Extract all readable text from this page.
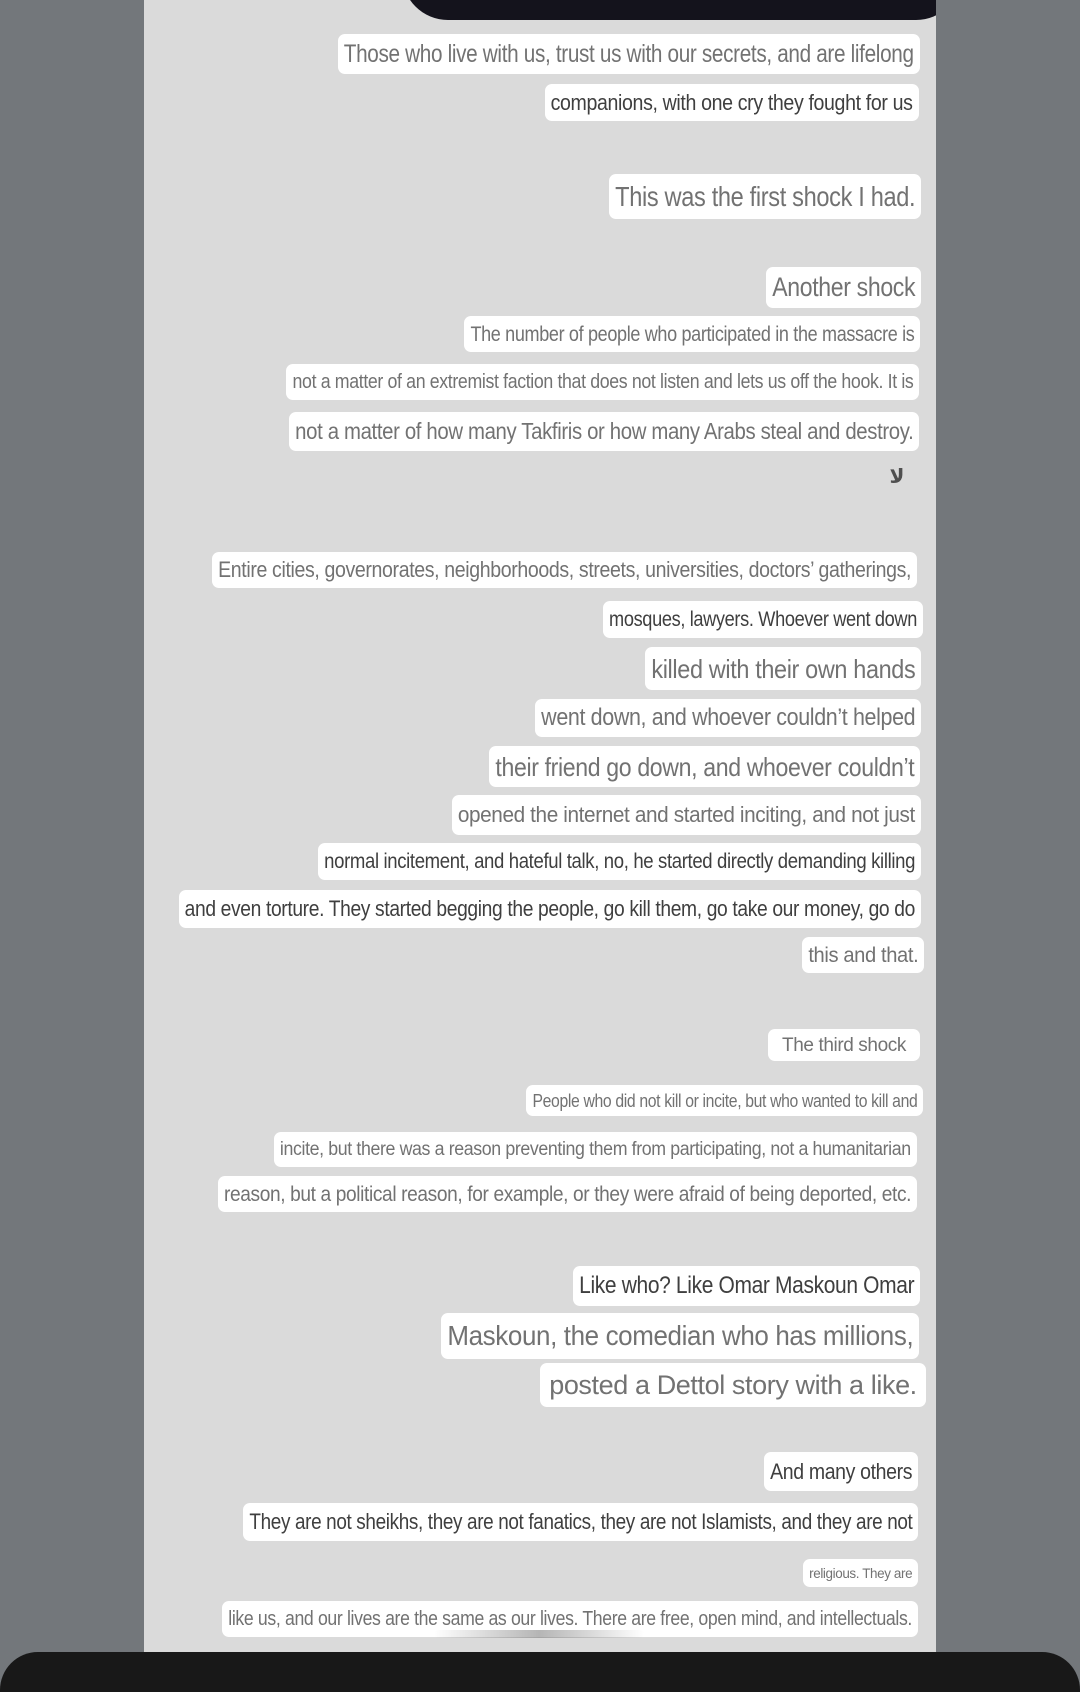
Those who live with us, trust us with our secrets, and are lifelong
companions, with one cry they fought for us
This was the first shock I had.
Another shock
The number of people who participated in the massacre is
not a matter of an extremist faction that does not listen and lets us off the hook. It is
not a matter of how many Takfiris or how many Arabs steal and destroy.
Entire cities, governorates, neighborhoods, streets, universities, doctors’ gatherings,
mosques, lawyers. Whoever went down
killed with their own hands
went down, and whoever couldn’t helped
their friend go down, and whoever couldn’t
opened the internet and started inciting, and not just
normal incitement, and hateful talk, no, he started directly demanding killing
and even torture. They started begging the people, go kill them, go take our money, go do
this and that.
The third shock
People who did not kill or incite, but who wanted to kill and
incite, but there was a reason preventing them from participating, not a humanitarian
reason, but a political reason, for example, or they were afraid of being deported, etc.
Like who? Like Omar Maskoun Omar
Maskoun, the comedian who has millions,
posted a Dettol story with a like.
And many others
They are not sheikhs, they are not fanatics, they are not Islamists, and they are not
religious. They are
like us, and our lives are the same as our lives. There are free, open mind, and intellectuals.
لا
